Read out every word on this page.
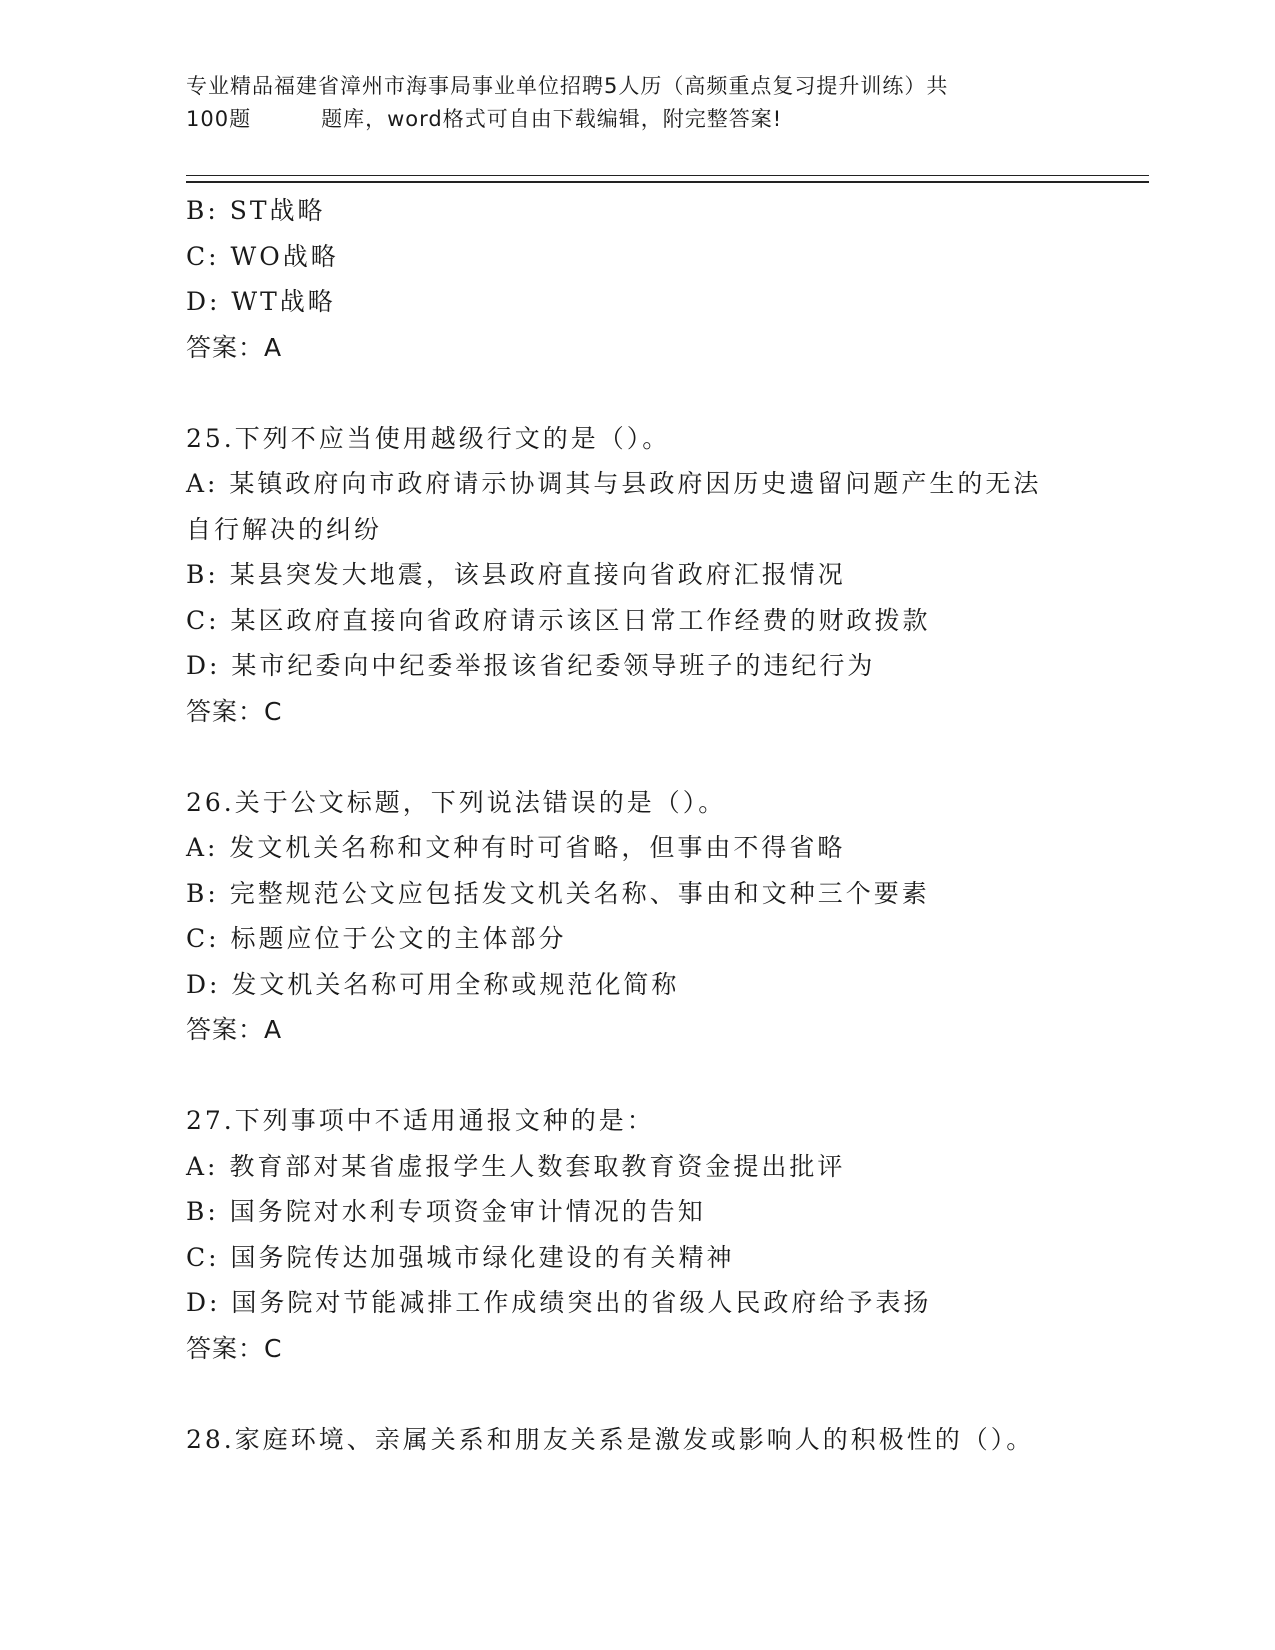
专业精品福建省漳州市海事局事业单位招聘5人历（高频重点复习提升训练）共
100题	题库，word格式可自由下载编辑，附完整答案!
B: ST战略
C: WO战略
D: WT战略
答案：A
25.下列不应当使用越级行文的是（）。
A: 某镇政府向市政府请示协调其与县政府因历史遗留问题产生的无法
自行解决的纠纷
B: 某县突发大地震，该县政府直接向省政府汇报情况
C: 某区政府直接向省政府请示该区日常工作经费的财政拨款
D: 某市纪委向中纪委举报该省纪委领导班子的违纪行为
答案：C
26.关于公文标题，下列说法错误的是（）。
A: 发文机关名称和文种有时可省略，但事由不得省略
B: 完整规范公文应包括发文机关名称、事由和文种三个要素
C: 标题应位于公文的主体部分
D: 发文机关名称可用全称或规范化简称
答案：A
27.下列事项中不适用通报文种的是：
A: 教育部对某省虚报学生人数套取教育资金提出批评
B: 国务院对水利专项资金审计情况的告知
C: 国务院传达加强城市绿化建设的有关精神
D: 国务院对节能减排工作成绩突出的省级人民政府给予表扬
答案：C
28.家庭环境、亲属关系和朋友关系是激发或影响人的积极性的（）。
